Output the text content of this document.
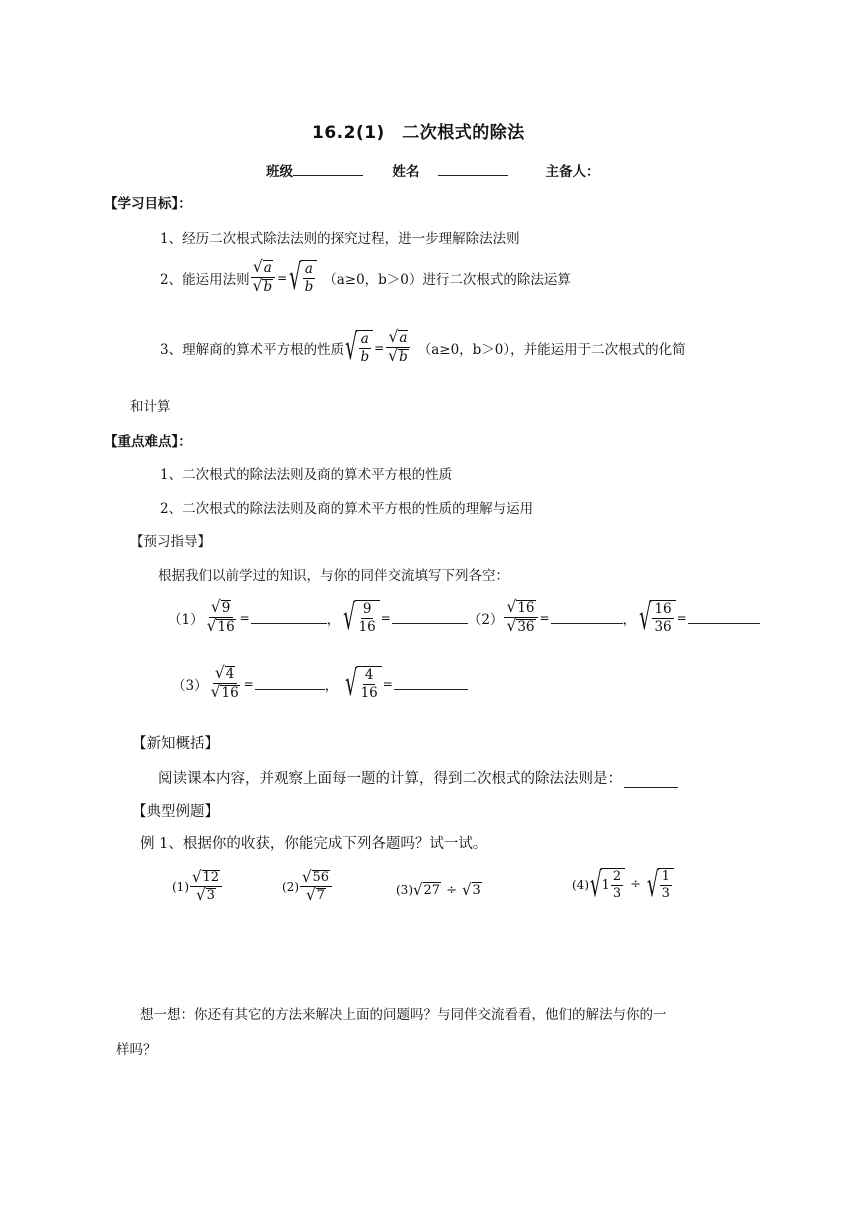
16.2(1)　二次根式的除法
班级	姓名	主备人：
【学习目标】：
1、经历二次根式除法法则的探究过程，进一步理解除法法则
2、能运用法则 $\frac{√ a}{√ b}$ = √ $\frac{a}{b} (a\ge 0$，b＞0）进行二次根式的除法运算
3、理解商的算术平方根的性质 √ $\frac{a}{b} = \frac{√ a}{√ b} (a\ge 0$，b＞0），并能运用于二次根式的化简
和计算
【重点难点】：
1、二次根式的除法法则及商的算术平方根的性质
2、二次根式的除法法则及商的算术平方根的性质的理解与运用
【预习指导】
根据我们以前学过的知识，与你的同伴交流填写下列各空：
$(1) \frac{√ 9}{√ 16}$ =	， √ $\frac{9}{16}$ =	$(2) \frac{√ 16}{√ 36}$ =	， √ $\frac{16}{36}$ =
$(3) \frac{√ 4}{√ 16}$ =	， √ $\frac{4}{16}$ =
【新知概括】
阅读课本内容，并观察上面每一题的计算，得到二次根式的除法法则是：
【典型例题】
例 1、根据你的收获，你能完成下列各题吗？试一试。
$(1) \frac{√ 12}{√ 3}$	$(2) \frac{√ 56}{√ 7}$	(3) √ 27 ÷ √ 3	(4) √ $1 \frac{2}{3}$ ÷ √ $\frac{1}{3}$
想一想：你还有其它的方法来解决上面的问题吗？与同伴交流看看，他们的解法与你的一
样吗？
